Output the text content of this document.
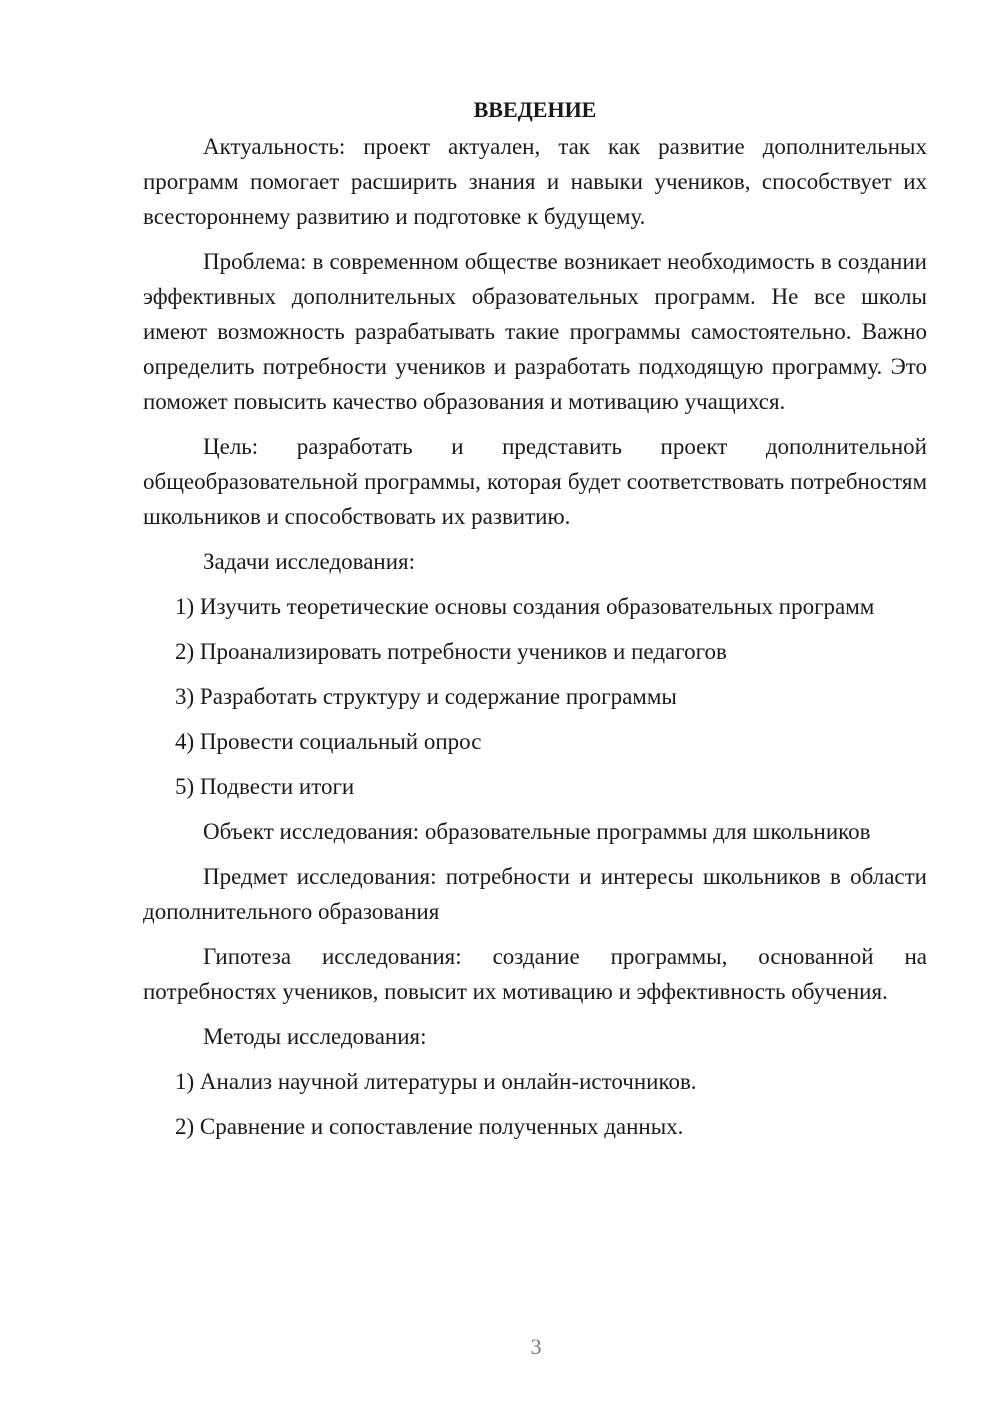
ВВЕДЕНИЕ

Актуальность: проект актуален, так как развитие дополнительных программ помогает расширить знания и навыки учеников, способствует их всестороннему развитию и подготовке к будущему.

Проблема: в современном обществе возникает необходимость в создании эффективных дополнительных образовательных программ. Не все школы имеют возможность разрабатывать такие программы самостоятельно. Важно определить потребности учеников и разработать подходящую программу. Это поможет повысить качество образования и мотивацию учащихся.

Цель: разработать и представить проект дополнительной общеобразовательной программы, которая будет соответствовать потребностям школьников и способствовать их развитию.

Задачи исследования:

1) Изучить теоретические основы создания образовательных программ

2) Проанализировать потребности учеников и педагогов

3) Разработать структуру и содержание программы

4) Провести социальный опрос

5) Подвести итоги

Объект исследования: образовательные программы для школьников

Предмет исследования: потребности и интересы школьников в области дополнительного образования

Гипотеза исследования: создание программы, основанной на потребностях учеников, повысит их мотивацию и эффективность обучения.

Методы исследования:

1) Анализ научной литературы и онлайн-источников.

2) Сравнение и сопоставление полученных данных.

3
